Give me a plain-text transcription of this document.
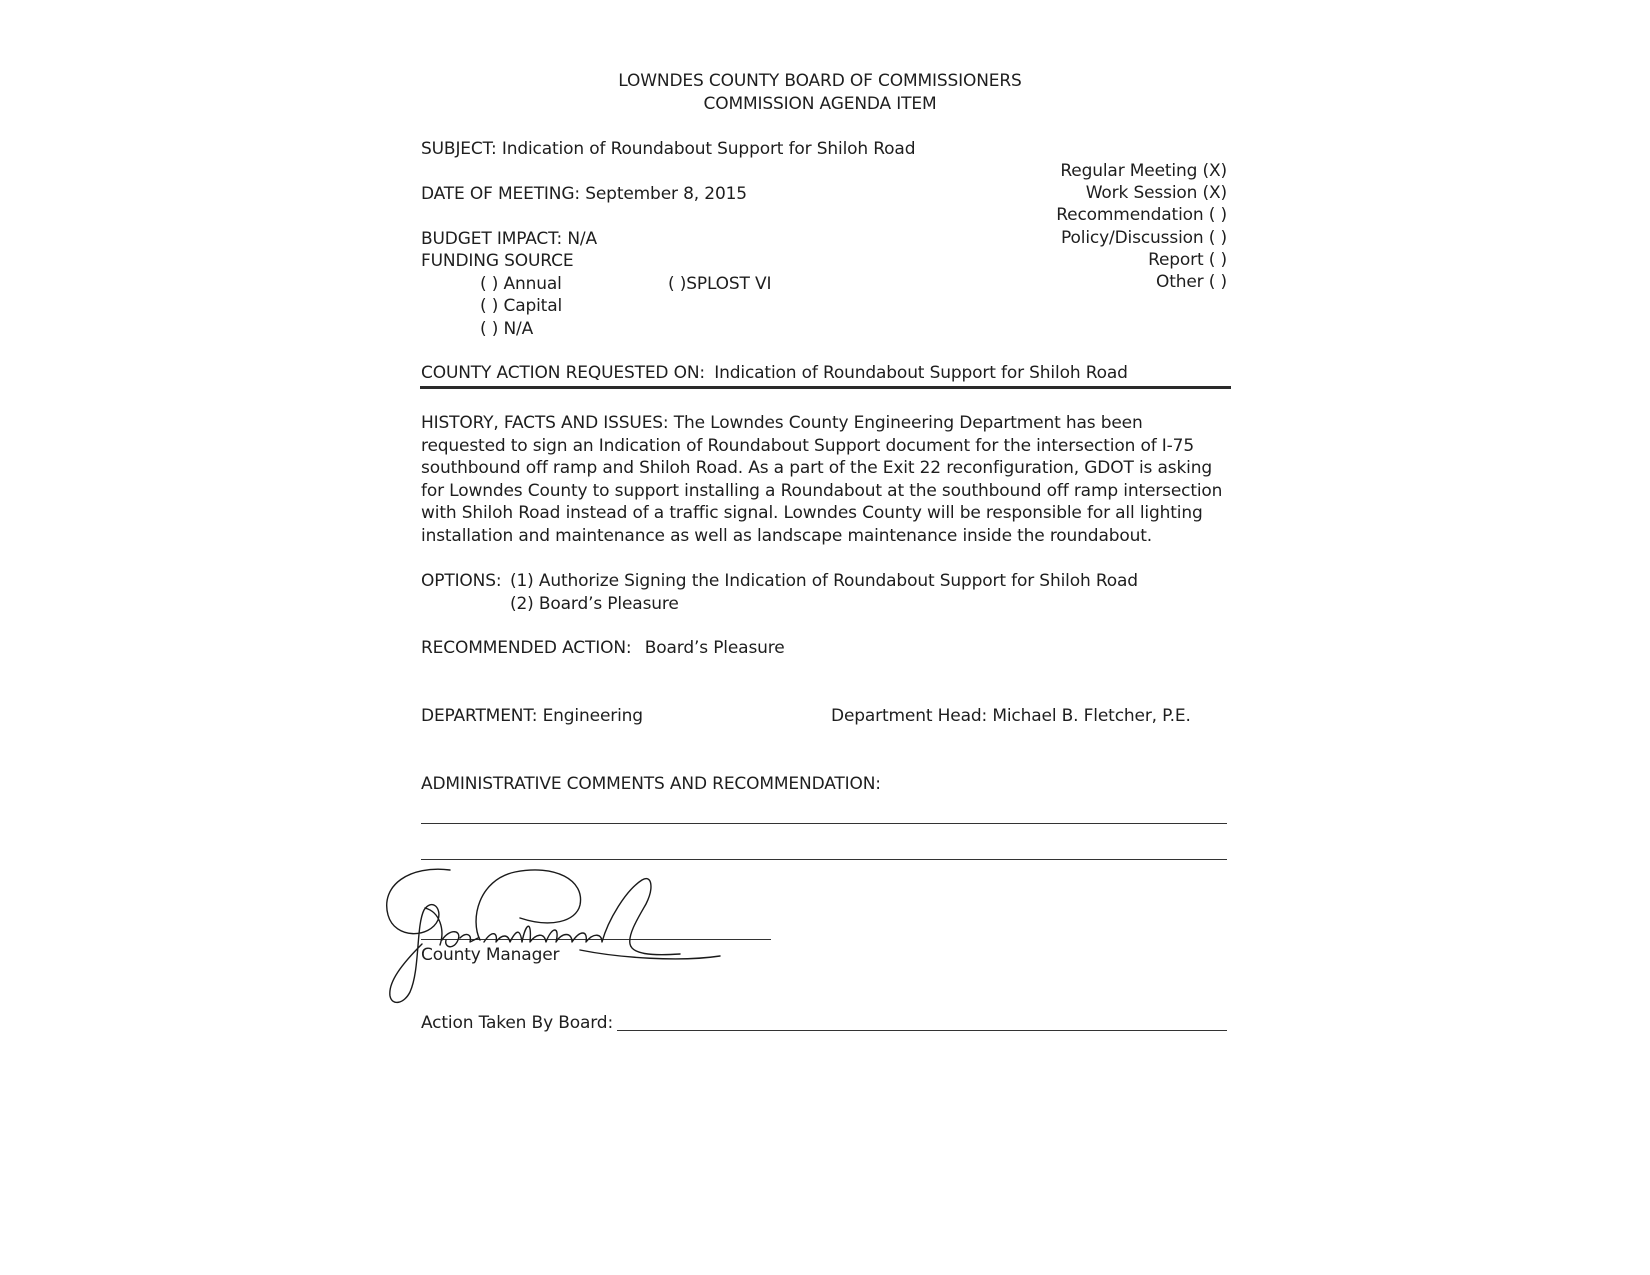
LOWNDES COUNTY BOARD OF COMMISSIONERS
COMMISSION AGENDA ITEM
SUBJECT: Indication of Roundabout Support for Shiloh Road
Regular Meeting (X)
Work Session (X)
Recommendation ( )
Policy/Discussion ( )
Report ( )
Other ( )
DATE OF MEETING: September 8, 2015
BUDGET IMPACT: N/A
FUNDING SOURCE
( ) Annual	( )SPLOST VI
( ) Capital
( ) N/A
COUNTY ACTION REQUESTED ON: Indication of Roundabout Support for Shiloh Road
HISTORY, FACTS AND ISSUES: The Lowndes County Engineering Department has been
requested to sign an Indication of Roundabout Support document for the intersection of I-75
southbound off ramp and Shiloh Road. As a part of the Exit 22 reconfiguration, GDOT is asking
for Lowndes County to support installing a Roundabout at the southbound off ramp intersection
with Shiloh Road instead of a traffic signal. Lowndes County will be responsible for all lighting
installation and maintenance as well as landscape maintenance inside the roundabout.
OPTIONS: (1) Authorize Signing the Indication of Roundabout Support for Shiloh Road
(2) Board’s Pleasure
RECOMMENDED ACTION: Board’s Pleasure
DEPARTMENT: Engineering	Department Head: Michael B. Fletcher, P.E.
ADMINISTRATIVE COMMENTS AND RECOMMENDATION:
County Manager
Action Taken By Board:
